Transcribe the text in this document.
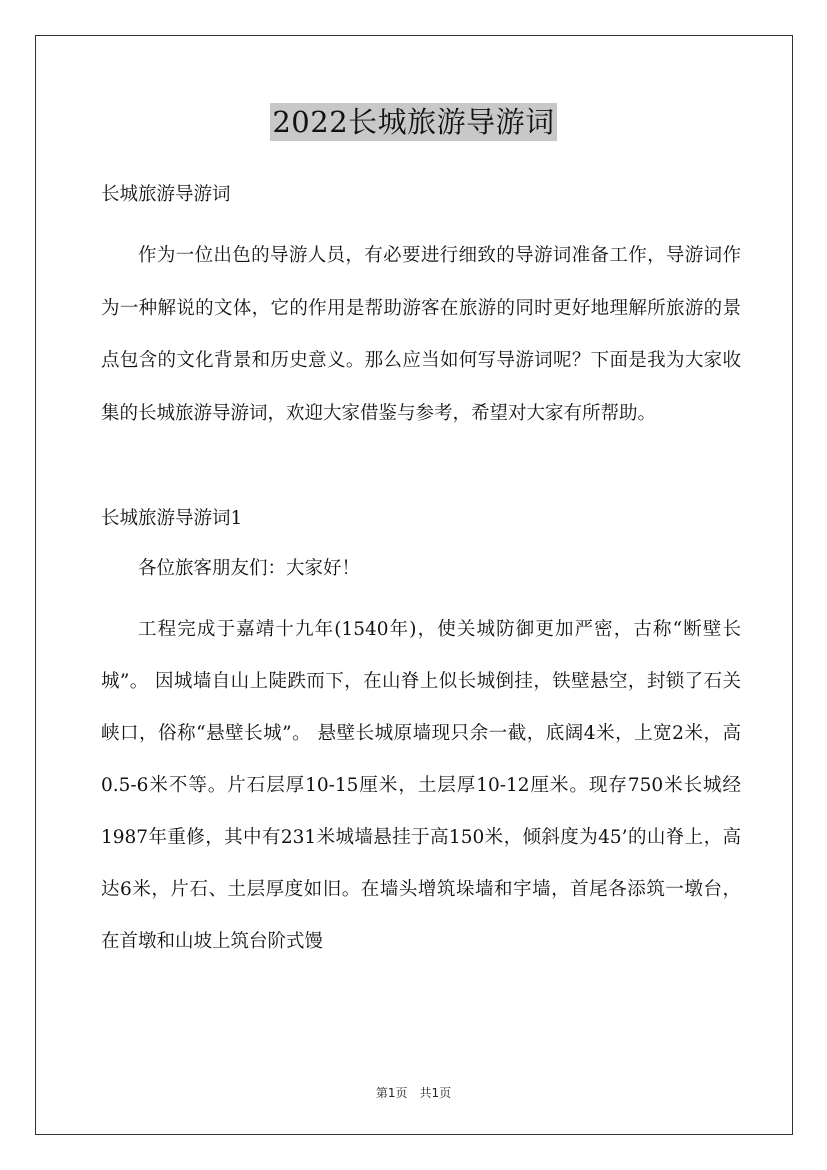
2022长城旅游导游词

长城旅游导游词

作为一位出色的导游人员，有必要进行细致的导游词准备工作，导游词作为一种解说的文体，它的作用是帮助游客在旅游的同时更好地理解所旅游的景点包含的文化背景和历史意义。那么应当如何写导游词呢？下面是我为大家收集的长城旅游导游词，欢迎大家借鉴与参考，希望对大家有所帮助。

长城旅游导游词1

各位旅客朋友们：大家好！

工程完成于嘉靖十九年(1540年)，使关城防御更加严密，古称“断壁长城”。 因城墙自山上陡跌而下，在山脊上似长城倒挂，铁壁悬空，封锁了石关峡口，俗称“悬壁长城”。 悬壁长城原墙现只余一截，底阔4米，上宽2米，高0.5-6米不等。片石层厚10-15厘米，土层厚10-12厘米。现存750米长城经1987年重修，其中有231米城墙悬挂于高150米，倾斜度为45’的山脊上，高达6米，片石、土层厚度如旧。在墙头增筑垛墙和宇墙，首尾各添筑一墩台，在首墩和山坡上筑台阶式馒

第1页　共1页
